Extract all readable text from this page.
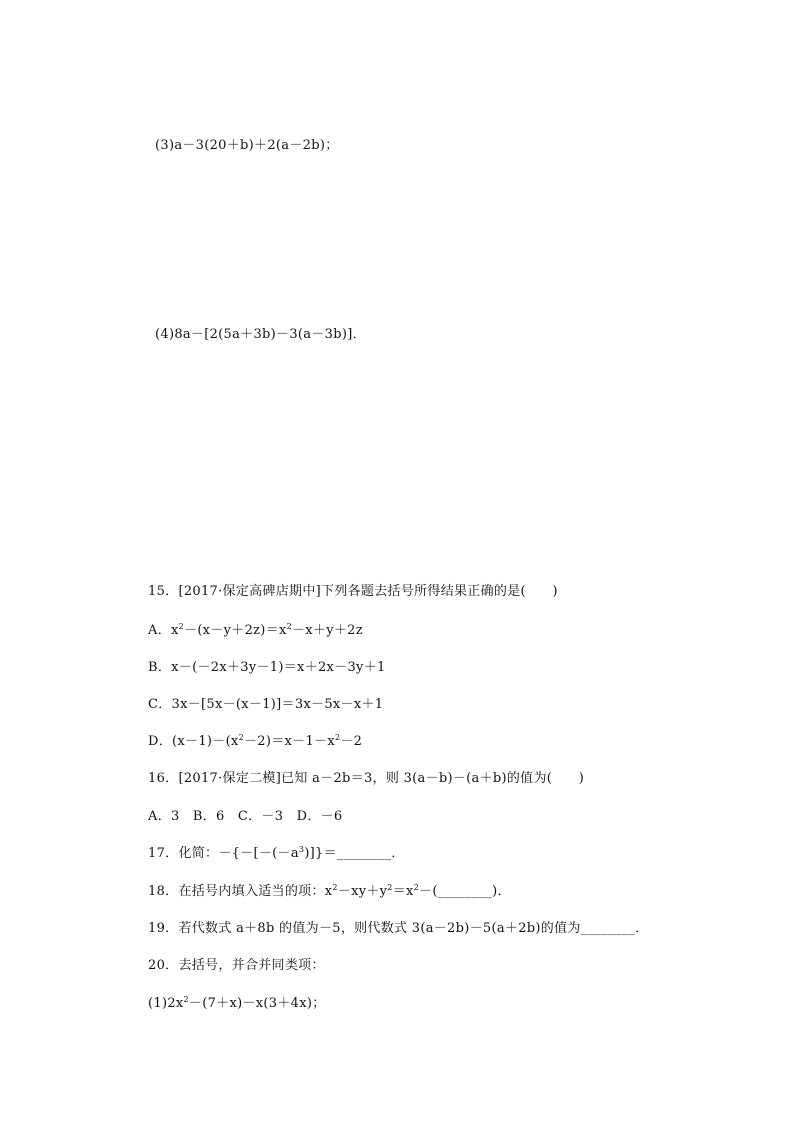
(3)a－3(20＋b)＋2(a－2b)；
(4)8a－[2(5a＋3b)－3(a－3b)]．
15．[2017·保定高碑店期中]下列各题去括号所得结果正确的是(　　)
A．$x^2-(x-y+2z)=x^2-x+y+2z$
B．x－(－2x＋3y－1)＝x＋2x－3y＋1
C．3x－[5x－(x－1)]＝3x－5x－x＋1
D．$(x-1)-(x^2-2)=x-1-x^2-2$
16．[2017·保定二模]已知 a－2b＝3，则 3(a－b)－(a＋b)的值为(　　)
A．3　B．6　C．－3　D．－6
17．化简：$-\{-[-(-a^3)]\}=\_\_\_\_\_\_\_\_$．
18．在括号内填入适当的项：$x^2-xy+y^2=x^2-(\_\_\_\_\_\_\_\_)$．
19．若代数式 a＋8b 的值为－5，则代数式 3(a－2b)－5(a＋2b)的值为________．
20．去括号，并合并同类项：
$(1)2x^2-(7+x)-x(3+4x)$；
